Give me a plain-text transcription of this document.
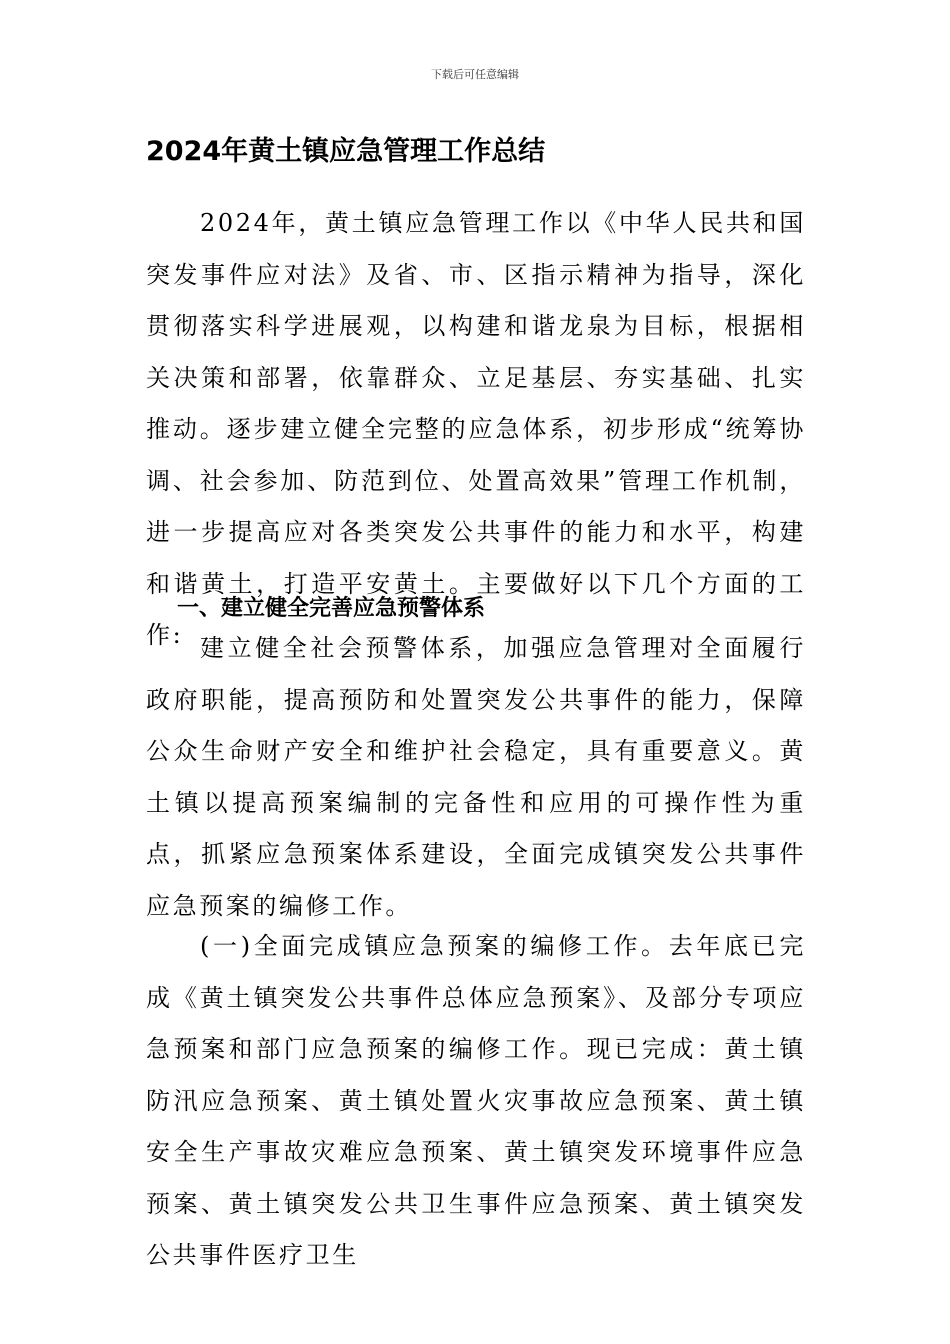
下载后可任意编辑
2024年黄土镇应急管理工作总结

2024年，黄土镇应急管理工作以《中华人民共和国突发事件应对法》及省、市、区指示精神为指导，深化贯彻落实科学进展观，以构建和谐龙泉为目标，根据相关决策和部署，依靠群众、立足基层、夯实基础、扎实推动。逐步建立健全完整的应急体系，初步形成“统筹协调、社会参加、防范到位、处置高效果”管理工作机制，进一步提高应对各类突发公共事件的能力和水平，构建和谐黄土，打造平安黄土。主要做好以下几个方面的工作:

一、建立健全完善应急预警体系

建立健全社会预警体系，加强应急管理对全面履行政府职能，提高预防和处置突发公共事件的能力，保障公众生命财产安全和维护社会稳定，具有重要意义。黄土镇以提高预案编制的完备性和应用的可操作性为重点，抓紧应急预案体系建设，全面完成镇突发公共事件应急预案的编修工作。

(一)全面完成镇应急预案的编修工作。去年底已完成《黄土镇突发公共事件总体应急预案》、及部分专项应急预案和部门应急预案的编修工作。现已完成：黄土镇防汛应急预案、黄土镇处置火灾事故应急预案、黄土镇安全生产事故灾难应急预案、黄土镇突发环境事件应急预案、黄土镇突发公共卫生事件应急预案、黄土镇突发公共事件医疗卫生
